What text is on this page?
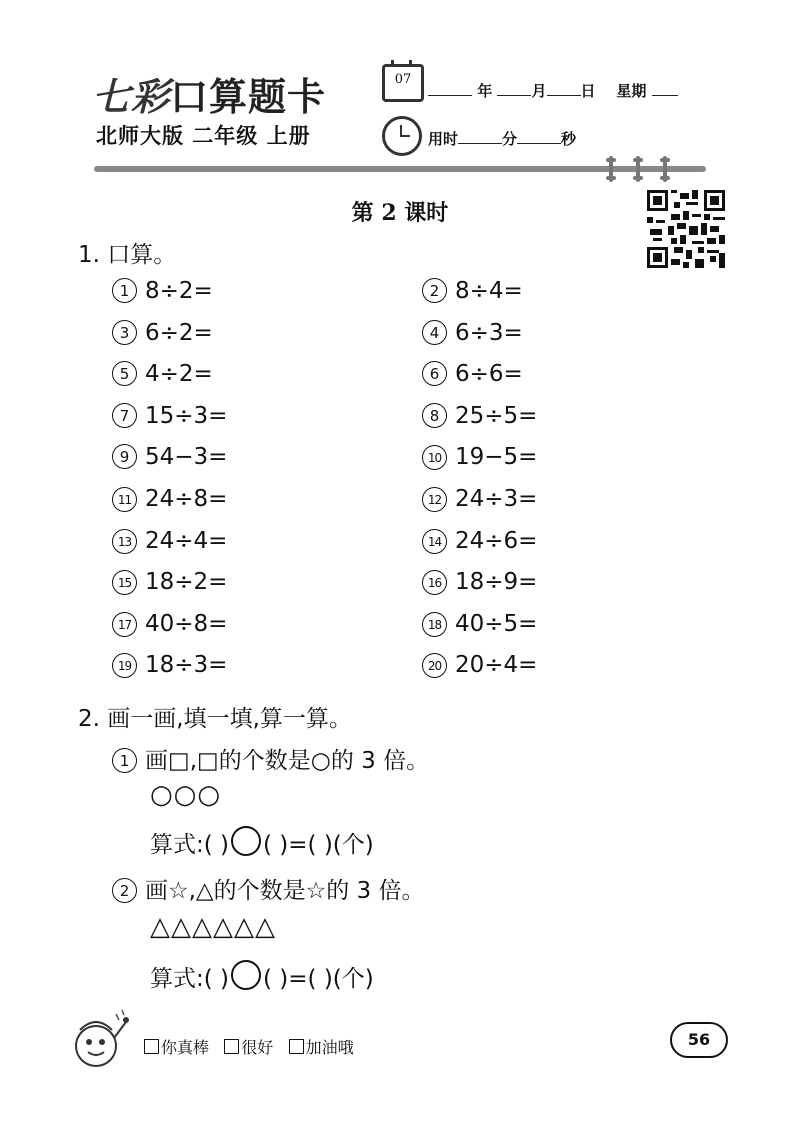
七彩口算题卡
北师大版 二年级 上册
07
年	月 日 星期
用时	分	秒
第 2 课时
1. 口算。
1 8÷2=	2 8÷4=
3 6÷2=	4 6÷3=
5 4÷2=	6 6÷6=
7 15÷3=	8 25÷5=
9 54−3=	10 19−5=
11 24÷8=	12 24÷3=
13 24÷4=	14 24÷6=
15 18÷2=	16 18÷9=
17 40÷8=	18 40÷5=
19 18÷3=	20 20÷4=
2. 画一画,填一填,算一算。
1 画□,□的个数是○的 3 倍。
○○○
算式:( ) ( )=( )(个)
2 画☆,△的个数是☆的 3 倍。
△△△△△△
算式:( ) ( )=( )(个)
你真棒 很好 加油哦	56
